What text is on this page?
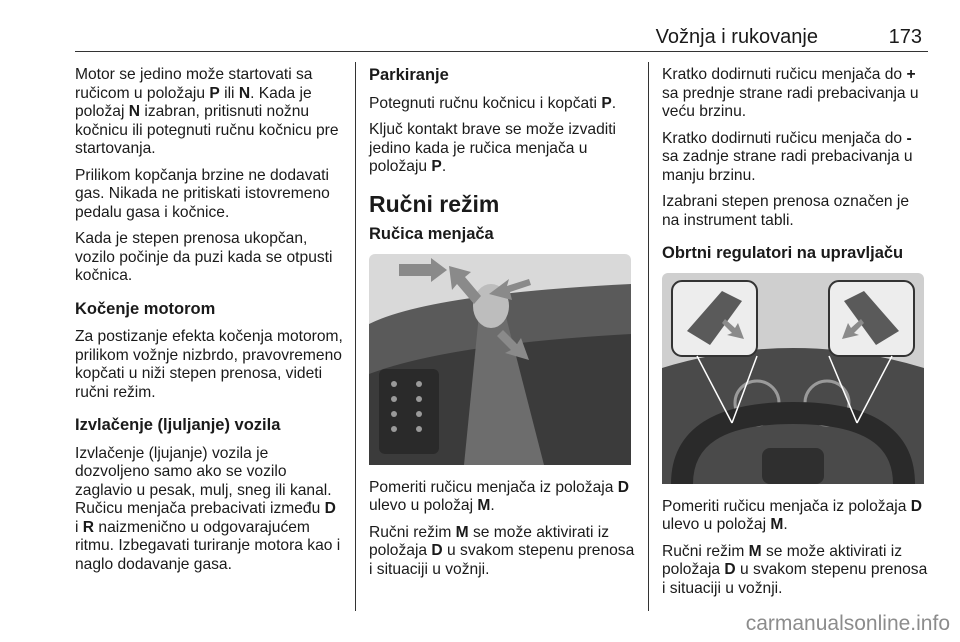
Vožnja i rukovanje	173

Motor se jedino može startovati sa ručicom u položaju P ili N. Kada je položaj N izabran, pritisnuti nožnu kočnicu ili potegnuti ručnu kočnicu pre startovanja.

Prilikom kopčanja brzine ne dodavati gas. Nikada ne pritiskati istovremeno pedalu gasa i kočnice.

Kada je stepen prenosa ukopčan, vozilo počinje da puzi kada se otpusti kočnica.

Kočenje motorom

Za postizanje efekta kočenja motorom, prilikom vožnje nizbrdo, pravovremeno kopčati u niži stepen prenosa, videti ručni režim.

Izvlačenje (ljuljanje) vozila

Izvlačenje (ljujanje) vozila je dozvoljeno samo ako se vozilo zaglavio u pesak, mulj, sneg ili kanal. Ručicu menjača prebacivati između D i R naizmenično u odgovarajućem ritmu. Izbegavati turiranje motora kao i naglo dodavanje gasa.

Parkiranje

Potegnuti ručnu kočnicu i kopčati P.

Ključ kontakt brave se može izvaditi jedino kada je ručica menjača u položaju P.

Ručni režim
Ručica menjača

Pomeriti ručicu menjača iz položaja D ulevo u položaj M.

Ručni režim M se može aktivirati iz položaja D u svakom stepenu prenosa i situaciji u vožnji.

Kratko dodirnuti ručicu menjača do + sa prednje strane radi prebacivanja u veću brzinu.

Kratko dodirnuti ručicu menjača do - sa zadnje strane radi prebacivanja u manju brzinu.

Izabrani stepen prenosa označen je na instrument tabli.

Obrtni regulatori na upravljaču

Pomeriti ručicu menjača iz položaja D ulevo u položaj M.

Ručni režim M se može aktivirati iz položaja D u svakom stepenu prenosa i situaciji u vožnji.

carmanualsonline.info
